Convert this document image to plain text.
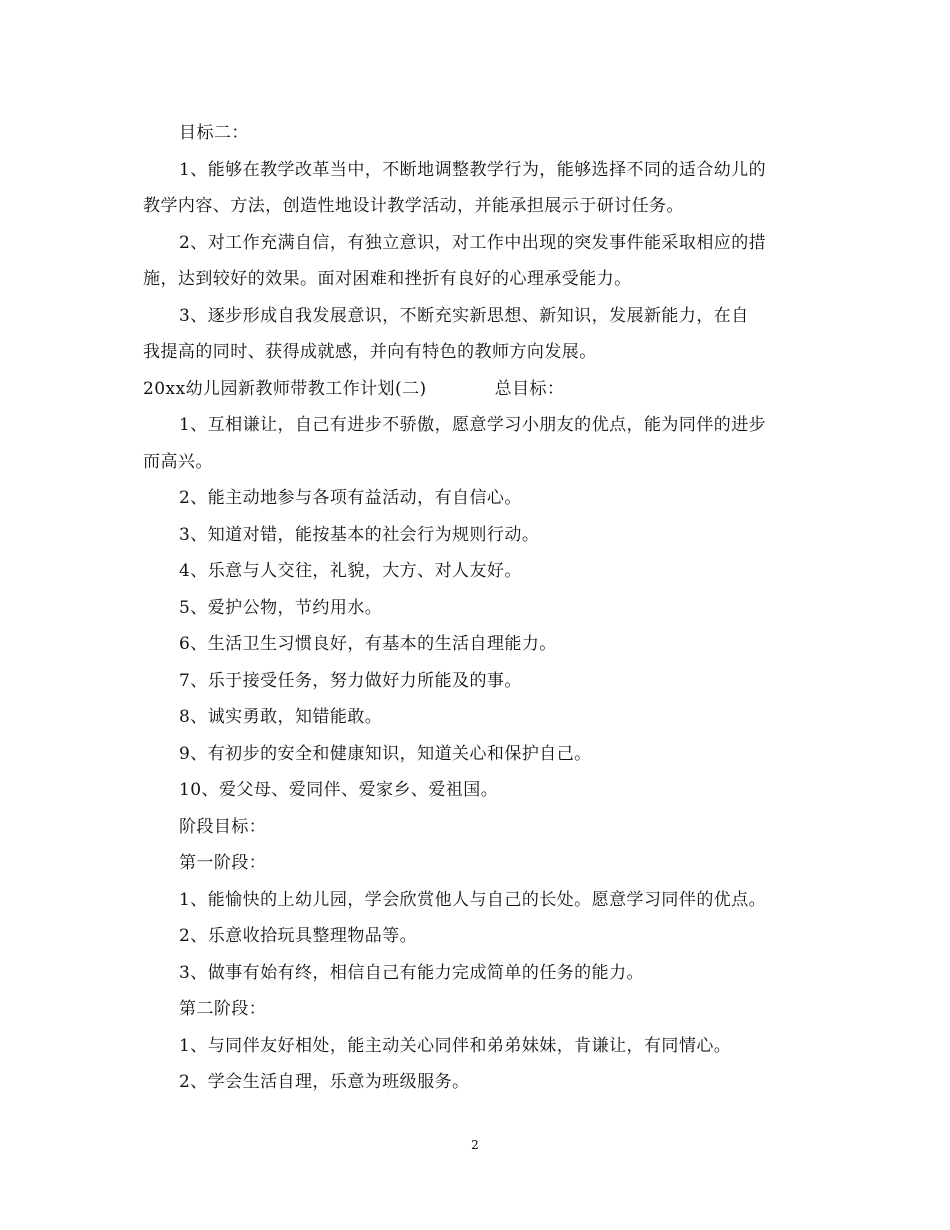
目标二：
1、能够在教学改革当中，不断地调整教学行为，能够选择不同的适合幼儿的
教学内容、方法，创造性地设计教学活动，并能承担展示于研讨任务。
2、对工作充满自信，有独立意识，对工作中出现的突发事件能采取相应的措
施，达到较好的效果。面对困难和挫折有良好的心理承受能力。
3、逐步形成自我发展意识，不断充实新思想、新知识，发展新能力，在自
我提高的同时、获得成就感，并向有特色的教师方向发展。
20xx幼儿园新教师带教工作计划(二)	总目标：
1、互相谦让，自己有进步不骄傲，愿意学习小朋友的优点，能为同伴的进步
而高兴。
2、能主动地参与各项有益活动，有自信心。
3、知道对错，能按基本的社会行为规则行动。
4、乐意与人交往，礼貌，大方、对人友好。
5、爱护公物，节约用水。
6、生活卫生习惯良好，有基本的生活自理能力。
7、乐于接受任务，努力做好力所能及的事。
8、诚实勇敢，知错能敢。
9、有初步的安全和健康知识，知道关心和保护自己。
10、爱父母、爱同伴、爱家乡、爱祖国。
阶段目标：
第一阶段：
1、能愉快的上幼儿园，学会欣赏他人与自己的长处。愿意学习同伴的优点。
2、乐意收拾玩具整理物品等。
3、做事有始有终，相信自己有能力完成简单的任务的能力。
第二阶段：
1、与同伴友好相处，能主动关心同伴和弟弟妹妹，肯谦让，有同情心。
2、学会生活自理，乐意为班级服务。
2
